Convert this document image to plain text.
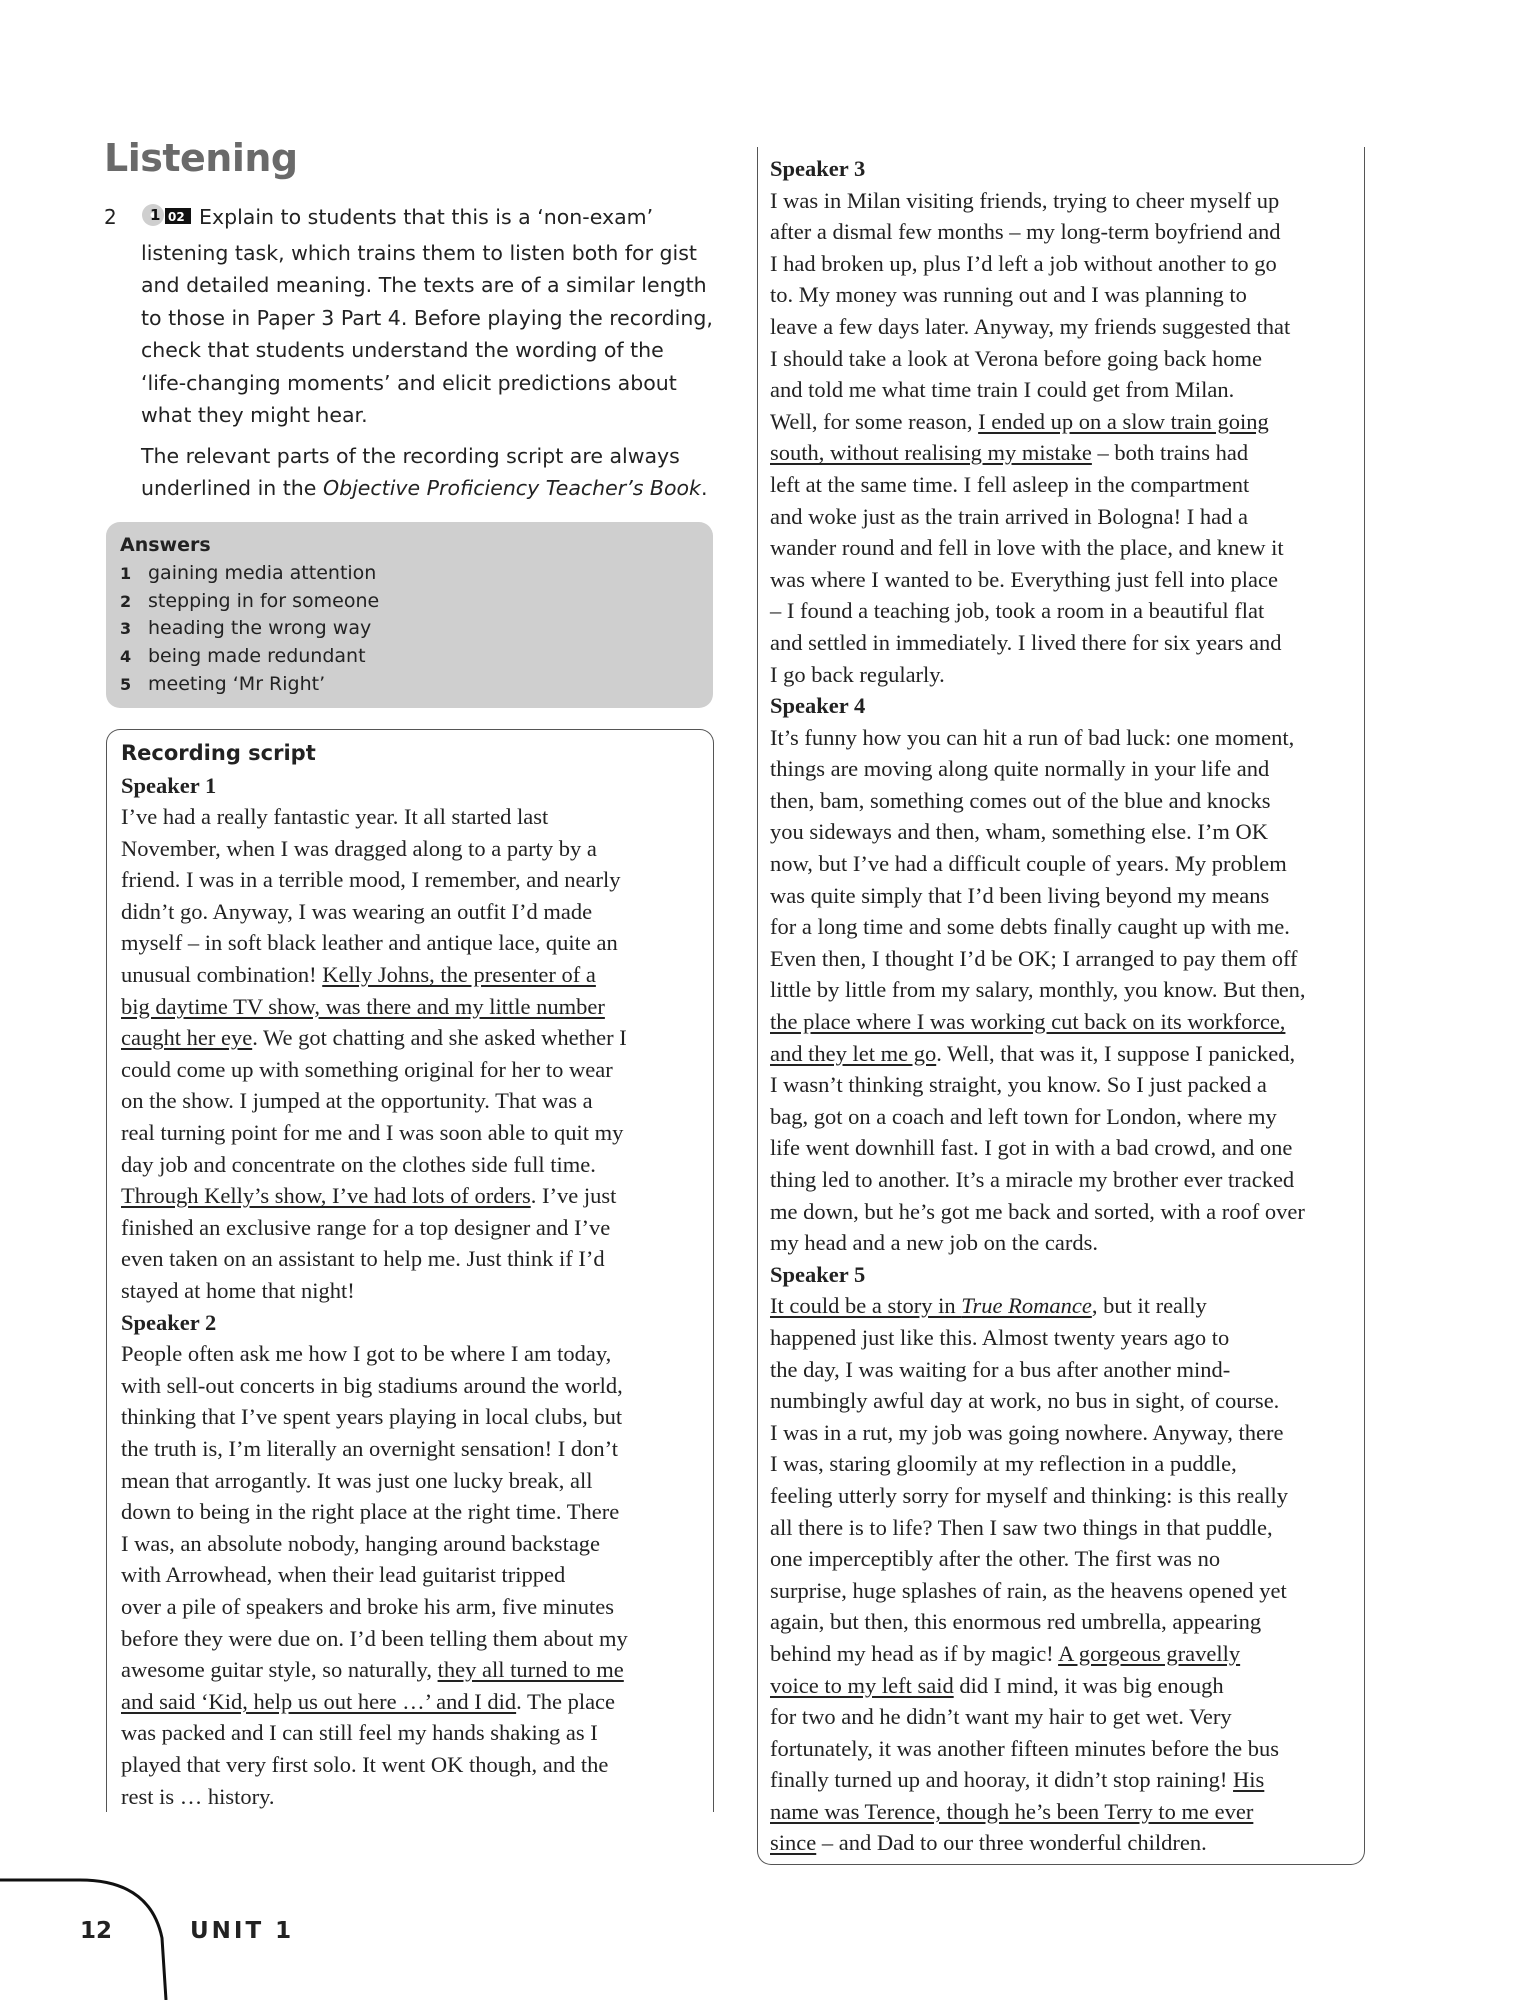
Listening
2 1 02 Explain to students that this is a ‘non-exam’
listening task, which trains them to listen both for gist
and detailed meaning. The texts are of a similar length
to those in Paper 3 Part 4. Before playing the recording,
check that students understand the wording of the
‘life-changing moments’ and elicit predictions about
what they might hear.

The relevant parts of the recording script are always
underlined in the Objective Proficiency Teacher’s Book.

Answers
1 gaining media attention
2 stepping in for someone
3 heading the wrong way
4 being made redundant
5 meeting ‘Mr Right’
Recording script
Speaker 1
I’ve had a really fantastic year. It all started last
November, when I was dragged along to a party by a
friend. I was in a terrible mood, I remember, and nearly
didn’t go. Anyway, I was wearing an outfit I’d made
myself – in soft black leather and antique lace, quite an
unusual combination! Kelly Johns, the presenter of a
big daytime TV show, was there and my little number
caught her eye. We got chatting and she asked whether I
could come up with something original for her to wear
on the show. I jumped at the opportunity. That was a
real turning point for me and I was soon able to quit my
day job and concentrate on the clothes side full time.
Through Kelly’s show, I’ve had lots of orders. I’ve just
finished an exclusive range for a top designer and I’ve
even taken on an assistant to help me. Just think if I’d
stayed at home that night!
Speaker 2
People often ask me how I got to be where I am today,
with sell-out concerts in big stadiums around the world,
thinking that I’ve spent years playing in local clubs, but
the truth is, I’m literally an overnight sensation! I don’t
mean that arrogantly. It was just one lucky break, all
down to being in the right place at the right time. There
I was, an absolute nobody, hanging around backstage
with Arrowhead, when their lead guitarist tripped
over a pile of speakers and broke his arm, five minutes
before they were due on. I’d been telling them about my
awesome guitar style, so naturally, they all turned to me
and said ‘Kid, help us out here …’ and I did. The place
was packed and I can still feel my hands shaking as I
played that very first solo. It went OK though, and the
rest is … history.
Speaker 3
I was in Milan visiting friends, trying to cheer myself up
after a dismal few months – my long-term boyfriend and
I had broken up, plus I’d left a job without another to go
to. My money was running out and I was planning to
leave a few days later. Anyway, my friends suggested that
I should take a look at Verona before going back home
and told me what time train I could get from Milan.
Well, for some reason, I ended up on a slow train going
south, without realising my mistake – both trains had
left at the same time. I fell asleep in the compartment
and woke just as the train arrived in Bologna! I had a
wander round and fell in love with the place, and knew it
was where I wanted to be. Everything just fell into place
– I found a teaching job, took a room in a beautiful flat
and settled in immediately. I lived there for six years and
I go back regularly.
Speaker 4
It’s funny how you can hit a run of bad luck: one moment,
things are moving along quite normally in your life and
then, bam, something comes out of the blue and knocks
you sideways and then, wham, something else. I’m OK
now, but I’ve had a difficult couple of years. My problem
was quite simply that I’d been living beyond my means
for a long time and some debts finally caught up with me.
Even then, I thought I’d be OK; I arranged to pay them off
little by little from my salary, monthly, you know. But then,
the place where I was working cut back on its workforce,
and they let me go. Well, that was it, I suppose I panicked,
I wasn’t thinking straight, you know. So I just packed a
bag, got on a coach and left town for London, where my
life went downhill fast. I got in with a bad crowd, and one
thing led to another. It’s a miracle my brother ever tracked
me down, but he’s got me back and sorted, with a roof over
my head and a new job on the cards.
Speaker 5
It could be a story in True Romance, but it really
happened just like this. Almost twenty years ago to
the day, I was waiting for a bus after another mind-
numbingly awful day at work, no bus in sight, of course.
I was in a rut, my job was going nowhere. Anyway, there
I was, staring gloomily at my reflection in a puddle,
feeling utterly sorry for myself and thinking: is this really
all there is to life? Then I saw two things in that puddle,
one imperceptibly after the other. The first was no
surprise, huge splashes of rain, as the heavens opened yet
again, but then, this enormous red umbrella, appearing
behind my head as if by magic! A gorgeous gravelly
voice to my left said did I mind, it was big enough
for two and he didn’t want my hair to get wet. Very
fortunately, it was another fifteen minutes before the bus
finally turned up and hooray, it didn’t stop raining! His
name was Terence, though he’s been Terry to me ever
since – and Dad to our three wonderful children.
12	UNIT 1
